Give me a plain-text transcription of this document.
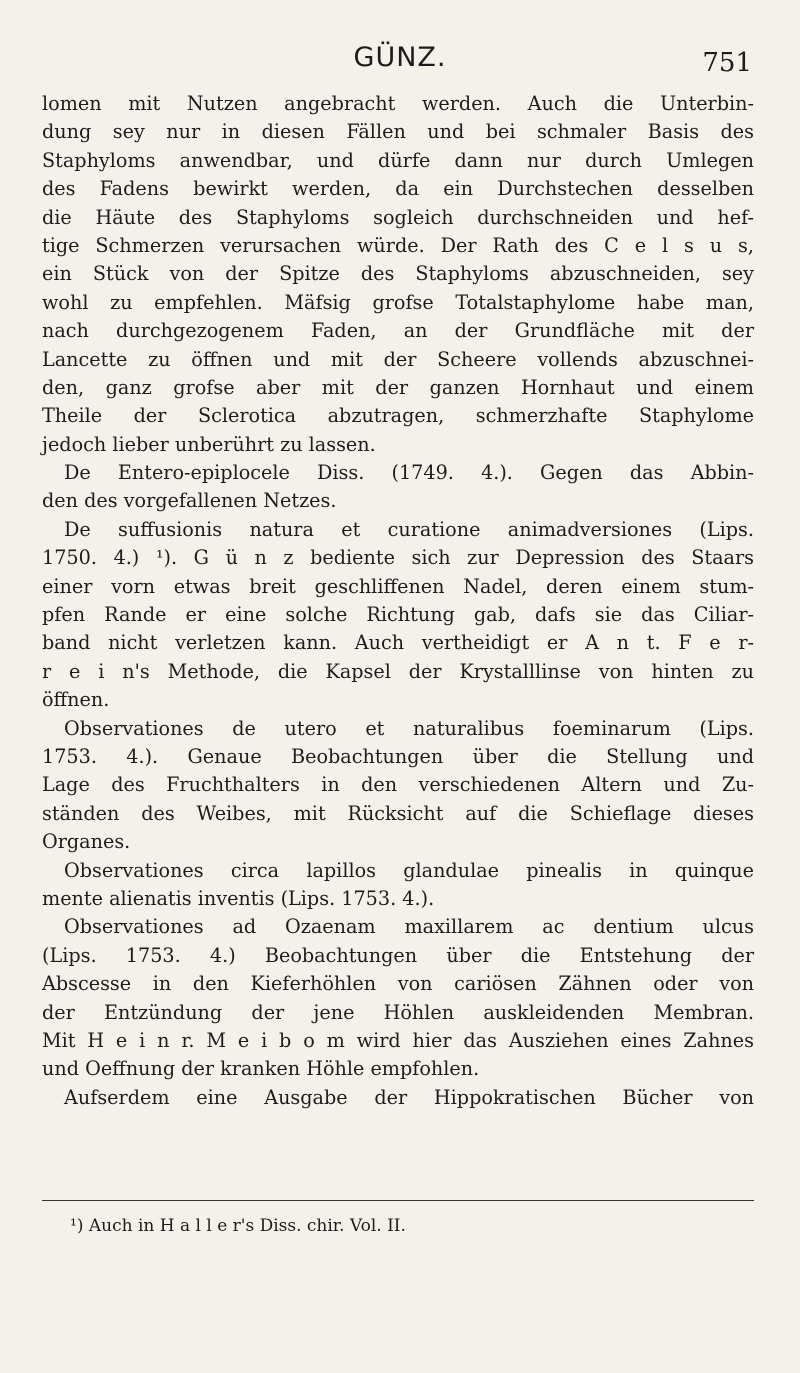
GÜNZ.	751
lomen mit Nutzen angebracht werden. Auch die Unterbin-
dung sey nur in diesen Fällen und bei schmaler Basis des
Staphyloms anwendbar, und dürfe dann nur durch Umlegen
des Fadens bewirkt werden, da ein Durchstechen desselben
die Häute des Staphyloms sogleich durchschneiden und hef-
tige Schmerzen verursachen würde. Der Rath des C e l s u s,
ein Stück von der Spitze des Staphyloms abzuschneiden, sey
wohl zu empfehlen. Mäfsig grofse Totalstaphylome habe man,
nach durchgezogenem Faden, an der Grundfläche mit der
Lancette zu öffnen und mit der Scheere vollends abzuschnei-
den, ganz grofse aber mit der ganzen Hornhaut und einem
Theile der Sclerotica abzutragen, schmerzhafte Staphylome
jedoch lieber unberührt zu lassen.
De Entero-epiplocele Diss. (1749. 4.). Gegen das Abbin-
den des vorgefallenen Netzes.
De suffusionis natura et curatione animadversiones (Lips.
1750. 4.) ¹). G ü n z bediente sich zur Depression des Staars
einer vorn etwas breit geschliffenen Nadel, deren einem stum-
pfen Rande er eine solche Richtung gab, dafs sie das Ciliar-
band nicht verletzen kann. Auch vertheidigt er A n t. F e r-
r e i n's Methode, die Kapsel der Krystalllinse von hinten zu
öffnen.
Observationes de utero et naturalibus foeminarum (Lips.
1753. 4.). Genaue Beobachtungen über die Stellung und
Lage des Fruchthalters in den verschiedenen Altern und Zu-
ständen des Weibes, mit Rücksicht auf die Schieflage dieses
Organes.
Observationes circa lapillos glandulae pinealis in quinque
mente alienatis inventis (Lips. 1753. 4.).
Observationes ad Ozaenam maxillarem ac dentium ulcus
(Lips. 1753. 4.) Beobachtungen über die Entstehung der
Abscesse in den Kieferhöhlen von cariösen Zähnen oder von
der Entzündung der jene Höhlen auskleidenden Membran.
Mit H e i n r. M e i b o m wird hier das Ausziehen eines Zahnes
und Oeffnung der kranken Höhle empfohlen.
Aufserdem eine Ausgabe der Hippokratischen Bücher von
¹) Auch in H a l l e r's Diss. chir. Vol. II.
